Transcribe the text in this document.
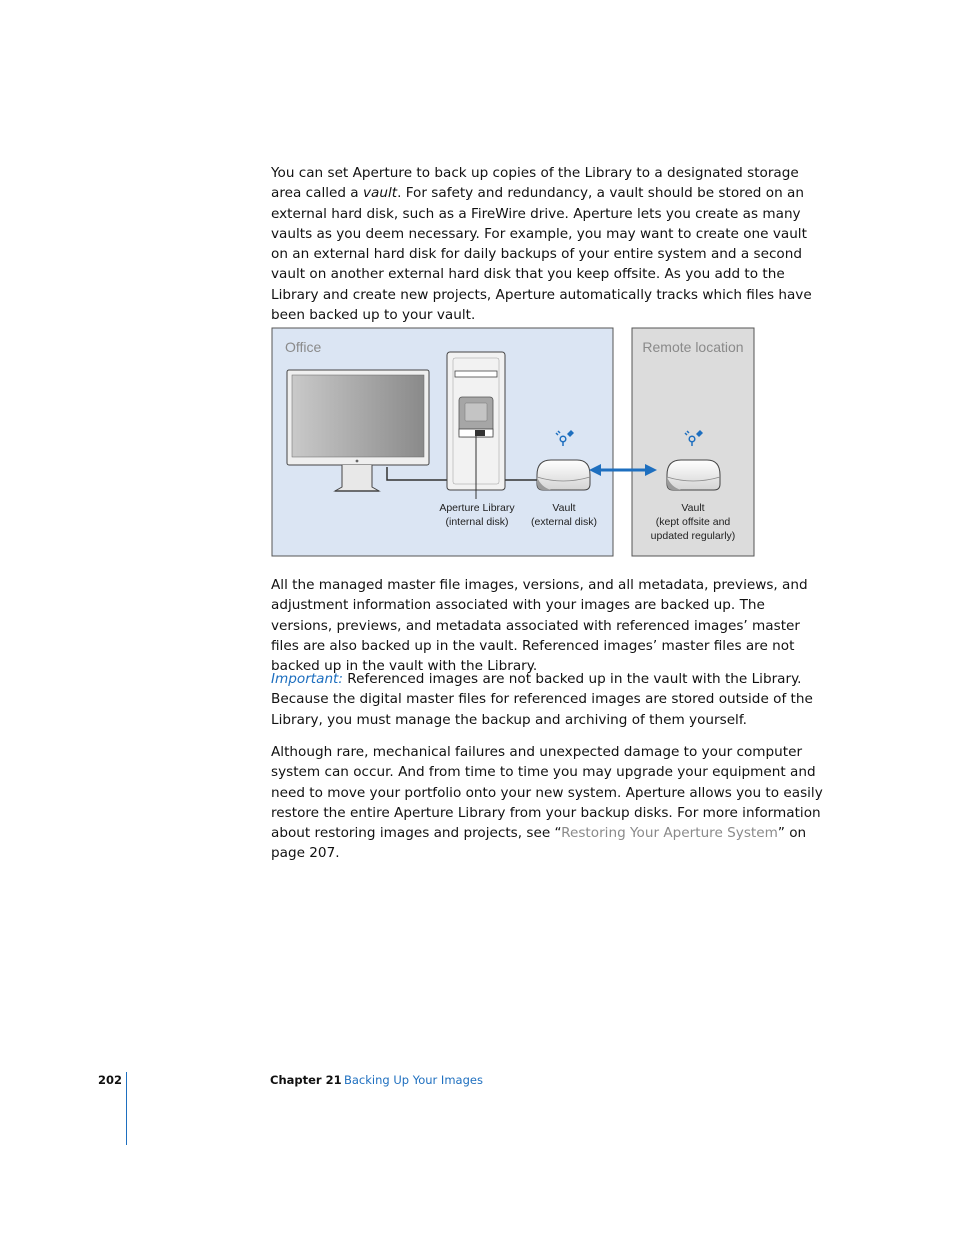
You can set Aperture to back up copies of the Library to a designated storage area called a vault. For safety and redundancy, a vault should be stored on an external hard disk, such as a FireWire drive. Aperture lets you create as many vaults as you deem necessary. For example, you may want to create one vault on an external hard disk for daily backups of your entire system and a second vault on another external hard disk that you keep offsite. As you add to the Library and create new projects, Aperture automatically tracks which files have been backed up to your vault.

Office	Remote location
Aperture Library
(internal disk)
Vault
(external disk)
Vault
(kept offsite and
updated regularly)

All the managed master file images, versions, and all metadata, previews, and adjustment information associated with your images are backed up. The versions, previews, and metadata associated with referenced images’ master files are also backed up in the vault. Referenced images’ master files are not backed up in the vault with the Library.

Important: Referenced images are not backed up in the vault with the Library. Because the digital master files for referenced images are stored outside of the Library, you must manage the backup and archiving of them yourself.

Although rare, mechanical failures and unexpected damage to your computer system can occur. And from time to time you may upgrade your equipment and need to move your portfolio onto your new system. Aperture allows you to easily restore the entire Aperture Library from your backup disks. For more information about restoring images and projects, see “Restoring Your Aperture System” on page 207.

202	Chapter 21 Backing Up Your Images
